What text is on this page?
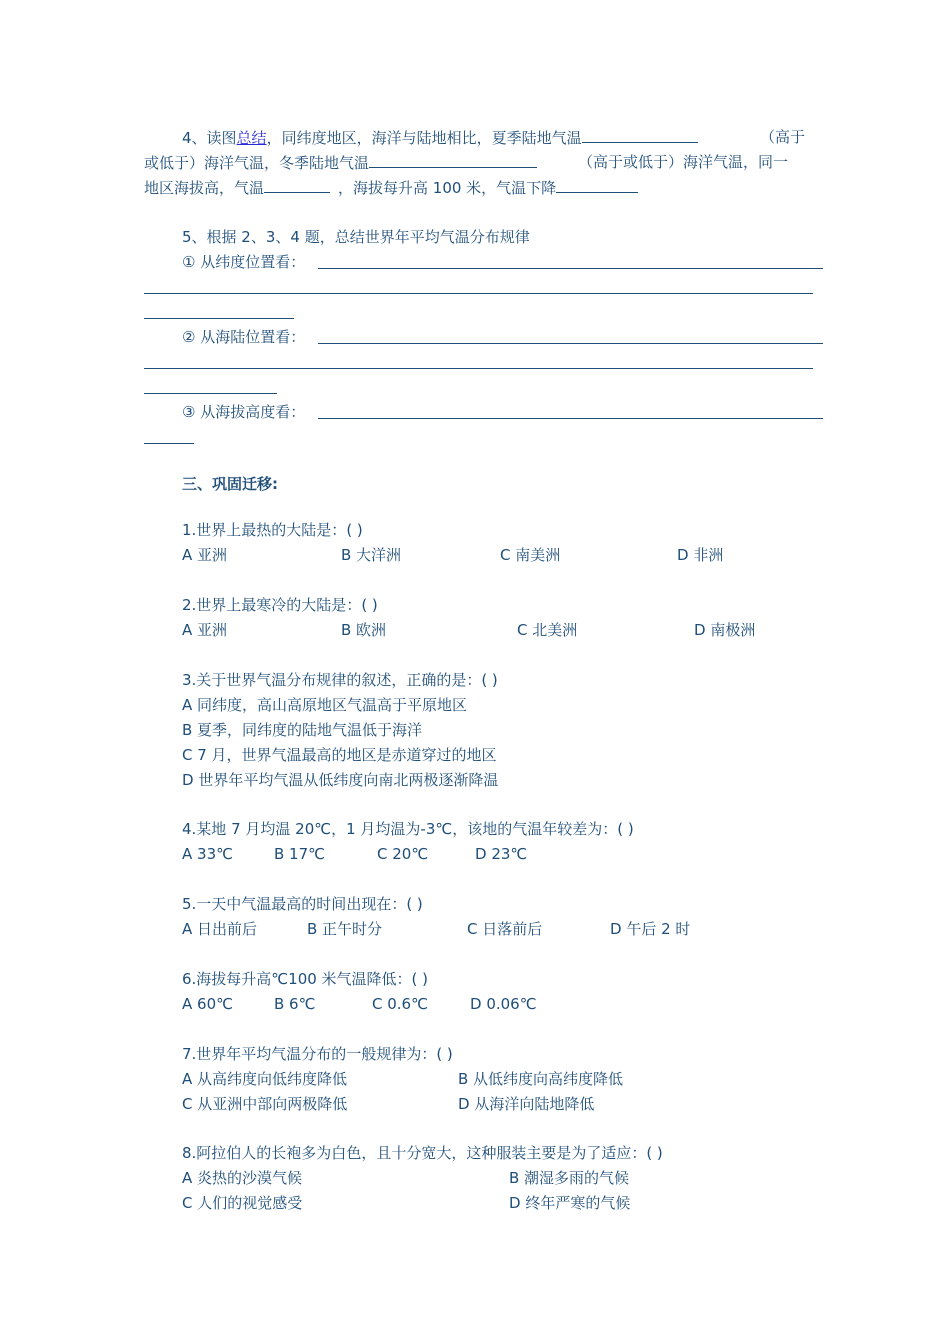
4、读图总结，同纬度地区，海洋与陆地相比，夏季陆地气温	（高于
或低于）海洋气温，冬季陆地气温	（高于或低于）海洋气温，同一
地区海拔高，气温	，海拔每升高 100 米，气温下降
5、根据 2、3、4 题，总结世界年平均气温分布规律
① 从纬度位置看：
② 从海陆位置看：
③ 从海拔高度看：
三、巩固迁移:
1.世界上最热的大陆是：( )
A 亚洲	B 大洋洲	C 南美洲	D 非洲
2.世界上最寒冷的大陆是：( )
A 亚洲	B 欧洲	C 北美洲	D 南极洲
3.关于世界气温分布规律的叙述，正确的是：( )
A 同纬度，高山高原地区气温高于平原地区
B 夏季，同纬度的陆地气温低于海洋
C 7 月，世界气温最高的地区是赤道穿过的地区
D 世界年平均气温从低纬度向南北两极逐渐降温
4.某地 7 月均温 20℃，1 月均温为-3℃，该地的气温年较差为：( )
A 33℃	B 17℃	C 20℃	D 23℃
5.一天中气温最高的时间出现在：( )
A 日出前后	B 正午时分	C 日落前后	D 午后 2 时
6.海拔每升高℃100 米气温降低：( )
A 60℃	B 6℃	C 0.6℃	D 0.06℃
7.世界年平均气温分布的一般规律为：( )
A 从高纬度向低纬度降低	B 从低纬度向高纬度降低
C 从亚洲中部向两极降低	D 从海洋向陆地降低
8.阿拉伯人的长袍多为白色，且十分宽大，这种服装主要是为了适应：( )
A 炎热的沙漠气候	B 潮湿多雨的气候
C 人们的视觉感受	D 终年严寒的气候
